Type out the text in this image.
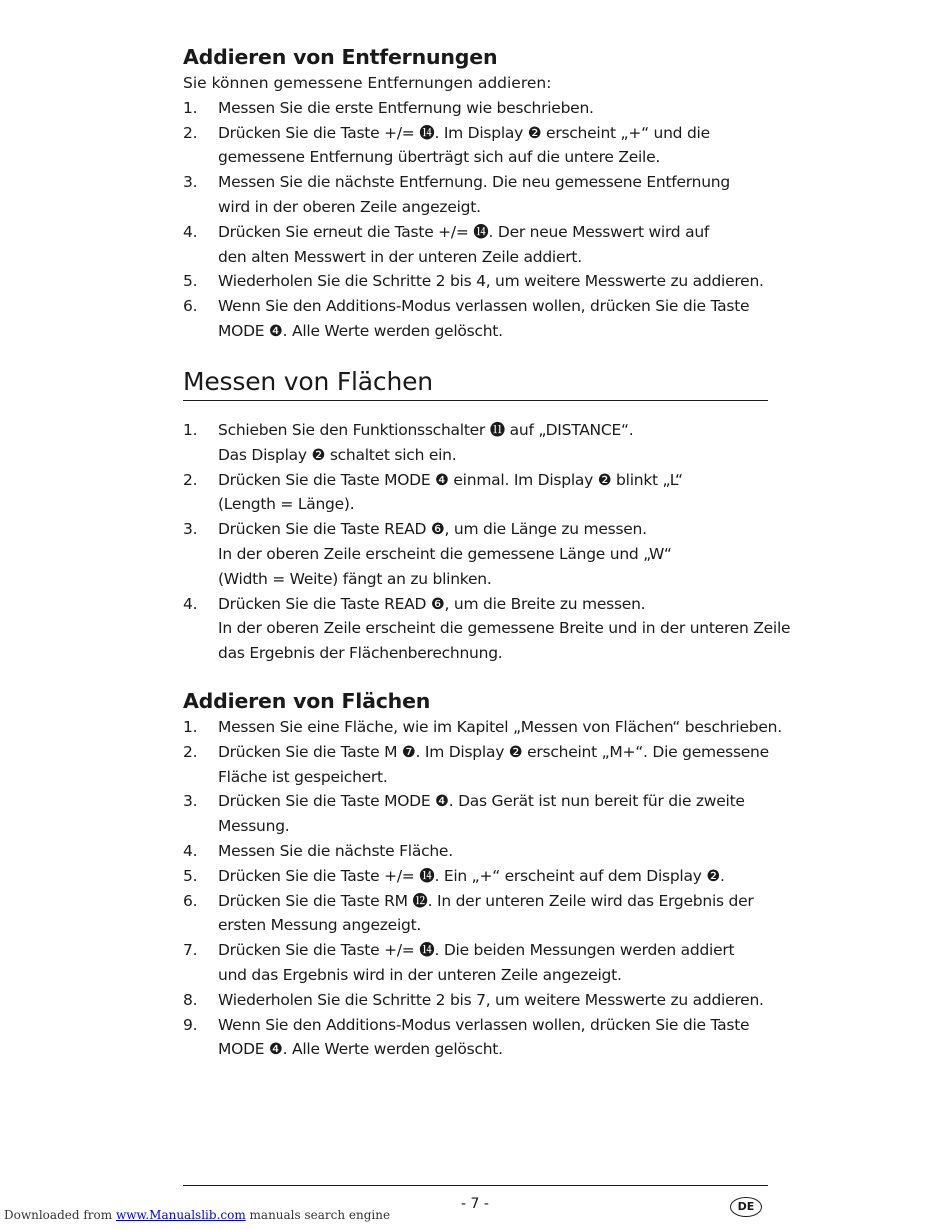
Addieren von Entfernungen

Sie können gemessene Entfernungen addieren:

1.	Messen Sie die erste Entfernung wie beschrieben.
2.	Drücken Sie die Taste +/= ⓮. Im Display ❷ erscheint „+“ und die
gemessene Entfernung überträgt sich auf die untere Zeile.
3.	Messen Sie die nächste Entfernung. Die neu gemessene Entfernung
wird in der oberen Zeile angezeigt.
4.	Drücken Sie erneut die Taste +/= ⓮. Der neue Messwert wird auf
den alten Messwert in der unteren Zeile addiert.
5.	Wiederholen Sie die Schritte 2 bis 4, um weitere Messwerte zu addieren.
6.	Wenn Sie den Additions-Modus verlassen wollen, drücken Sie die Taste
MODE ❹. Alle Werte werden gelöscht.
Messen von Flächen
1.	Schieben Sie den Funktionsschalter ⓫ auf „DISTANCE“.
Das Display ❷ schaltet sich ein.
2.	Drücken Sie die Taste MODE ❹ einmal. Im Display ❷ blinkt „L“
(Length = Länge).
3.	Drücken Sie die Taste READ ❻, um die Länge zu messen.
In der oberen Zeile erscheint die gemessene Länge und „W“
(Width = Weite) fängt an zu blinken.
4.	Drücken Sie die Taste READ ❻, um die Breite zu messen.
In der oberen Zeile erscheint die gemessene Breite und in der unteren Zeile
das Ergebnis der Flächenberechnung.
Addieren von Flächen
1.	Messen Sie eine Fläche, wie im Kapitel „Messen von Flächen“ beschrieben.
2.	Drücken Sie die Taste M ❼. Im Display ❷ erscheint „M+“. Die gemessene
Fläche ist gespeichert.
3.	Drücken Sie die Taste MODE ❹. Das Gerät ist nun bereit für die zweite
Messung.
4.	Messen Sie die nächste Fläche.
5.	Drücken Sie die Taste +/= ⓮. Ein „+“ erscheint auf dem Display ❷.
6.	Drücken Sie die Taste RM ⓬. In der unteren Zeile wird das Ergebnis der
ersten Messung angezeigt.
7.	Drücken Sie die Taste +/= ⓮. Die beiden Messungen werden addiert
und das Ergebnis wird in der unteren Zeile angezeigt.
8.	Wiederholen Sie die Schritte 2 bis 7, um weitere Messwerte zu addieren.
9.	Wenn Sie den Additions-Modus verlassen wollen, drücken Sie die Taste
MODE ❹. Alle Werte werden gelöscht.
- 7 -	DE
Downloaded from www.Manualslib.com manuals search engine
